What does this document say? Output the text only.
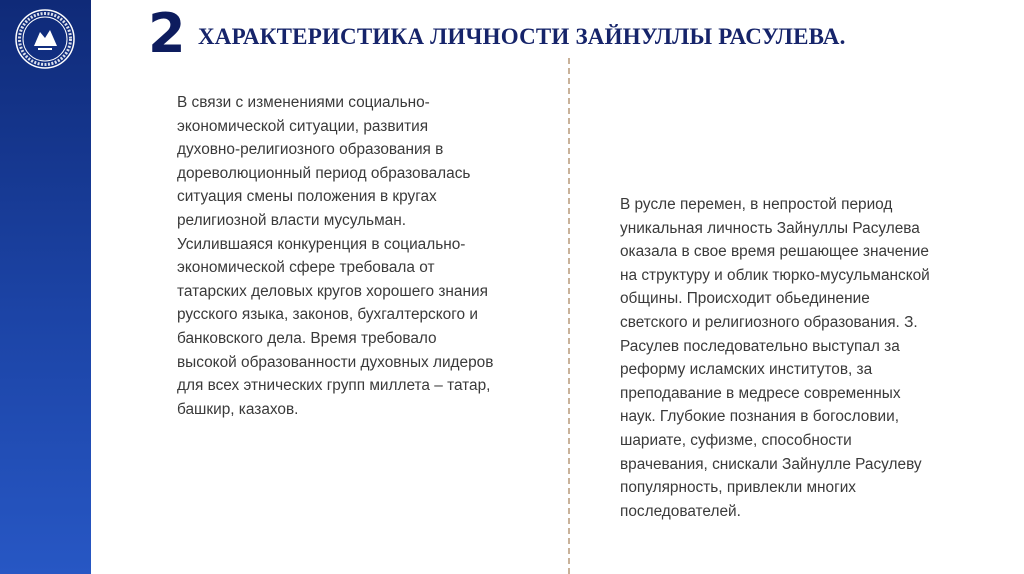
2 ХАРАКТЕРИСТИКА ЛИЧНОСТИ ЗАЙНУЛЛЫ РАСУЛЕВА.
В связи с изменениями социально-
экономической ситуации, развития
духовно-религиозного образования в
дореволюционный период образовалась
ситуация смены положения в кругах
религиозной власти мусульман.
Усилившаяся конкуренция в социально-
экономической сфере требовала от
татарских деловых кругов хорошего знания
русского языка, законов, бухгалтерского и
банковского дела. Время требовало
высокой образованности духовных лидеров
для всех этнических групп миллета – татар,
башкир, казахов.
В русле перемен, в непростой период
уникальная личность Зайнуллы Расулева
оказала в свое время решающее значение
на структуру и облик тюрко-мусульманской
общины. Происходит обьединение
светского и религиозного образования. З.
Расулев последовательно выступал за
реформу исламских институтов, за
преподавание в медресе современных
наук. Глубокие познания в богословии,
шариате, суфизме, способности
врачевания, снискали Зайнулле Расулеву
популярность, привлекли многих
последователей.
